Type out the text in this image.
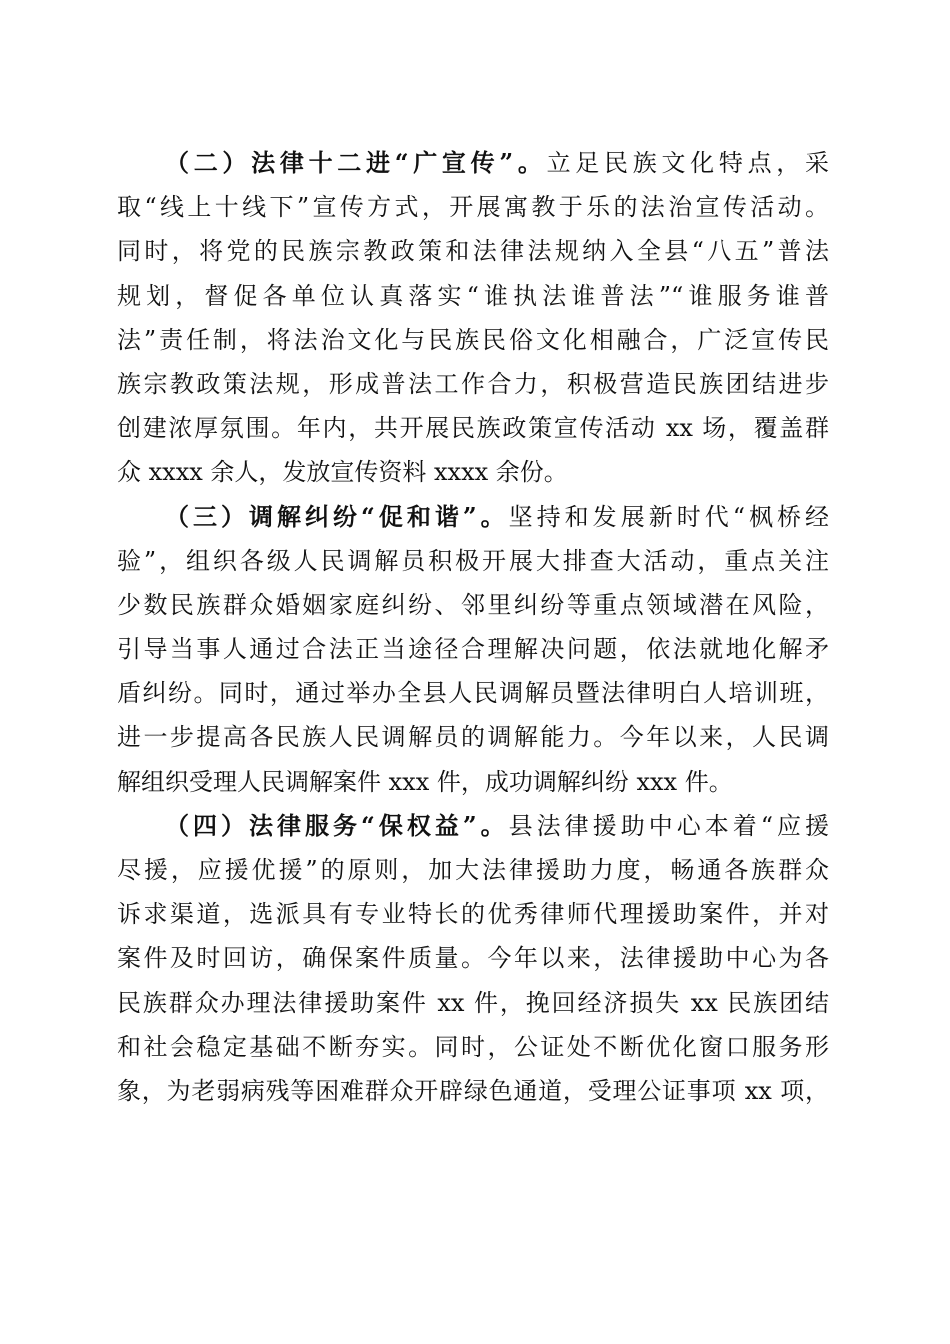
（二）法律十二进“广宣传”。立足民族文化特点，采
取“线上十线下”宣传方式，开展寓教于乐的法治宣传活动。
同时，将党的民族宗教政策和法律法规纳入全县“八五”普法
规划，督促各单位认真落实“谁执法谁普法”“谁服务谁普
法”责任制，将法治文化与民族民俗文化相融合，广泛宣传民
族宗教政策法规，形成普法工作合力，积极营造民族团结进步
创建浓厚氛围。年内，共开展民族政策宣传活动 xx 场，覆盖群
众 xxxx 余人，发放宣传资料 xxxx 余份。
（三）调解纠纷“促和谐”。坚持和发展新时代“枫桥经
验”，组织各级人民调解员积极开展大排查大活动，重点关注
少数民族群众婚姻家庭纠纷、邻里纠纷等重点领域潜在风险，
引导当事人通过合法正当途径合理解决问题，依法就地化解矛
盾纠纷。同时，通过举办全县人民调解员暨法律明白人培训班，
进一步提高各民族人民调解员的调解能力。今年以来，人民调
解组织受理人民调解案件 xxx 件，成功调解纠纷 xxx 件。
（四）法律服务“保权益”。县法律援助中心本着“应援
尽援，应援优援”的原则，加大法律援助力度，畅通各族群众
诉求渠道，选派具有专业特长的优秀律师代理援助案件，并对
案件及时回访，确保案件质量。今年以来，法律援助中心为各
民族群众办理法律援助案件 xx 件，挽回经济损失 xx 民族团结
和社会稳定基础不断夯实。同时，公证处不断优化窗口服务形
象，为老弱病残等困难群众开辟绿色通道，受理公证事项 xx 项，
